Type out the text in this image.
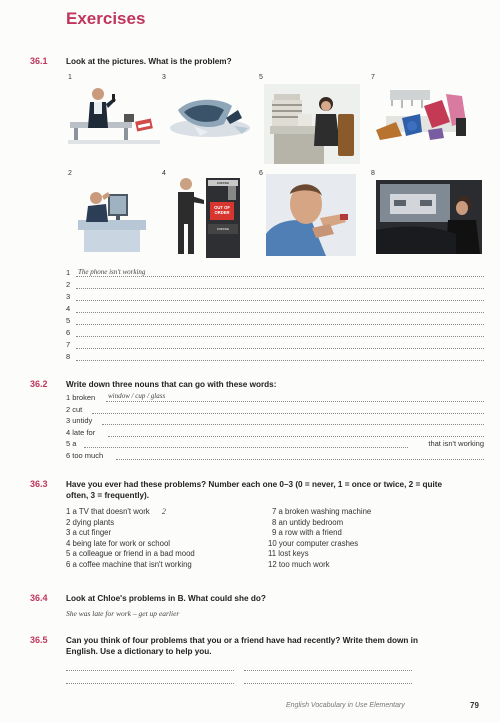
Exercises
36.1 Look at the pictures. What is the problem?
1	3	5	7
2	4	6	8
COFFEE
OUT OF ORDER
COFFEE
1 The phone isn't working
2
3
4
5
6
7
8
36.2 Write down three nouns that can go with these words:
1 broken window / cup / glass
2 cut
3 untidy
4 late for
5 a	that isn't working
6 too much
36.3 Have you ever had these problems? Number each one 0–3 (0 = never, 1 = once or twice, 2 = quite
often, 3 = frequently).
1 a TV that doesn't work 2
2 dying plants
3 a cut finger
4 being late for work or school
5 a colleague or friend in a bad mood
6 a coffee machine that isn't working
7 a broken washing machine
8 an untidy bedroom
9 a row with a friend
10 your computer crashes
11 lost keys
12 too much work
36.4 Look at Chloe's problems in B. What could she do?
She was late for work – get up earlier
36.5 Can you think of four problems that you or a friend have had recently? Write them down in
English. Use a dictionary to help you.
English Vocabulary in Use Elementary	79
